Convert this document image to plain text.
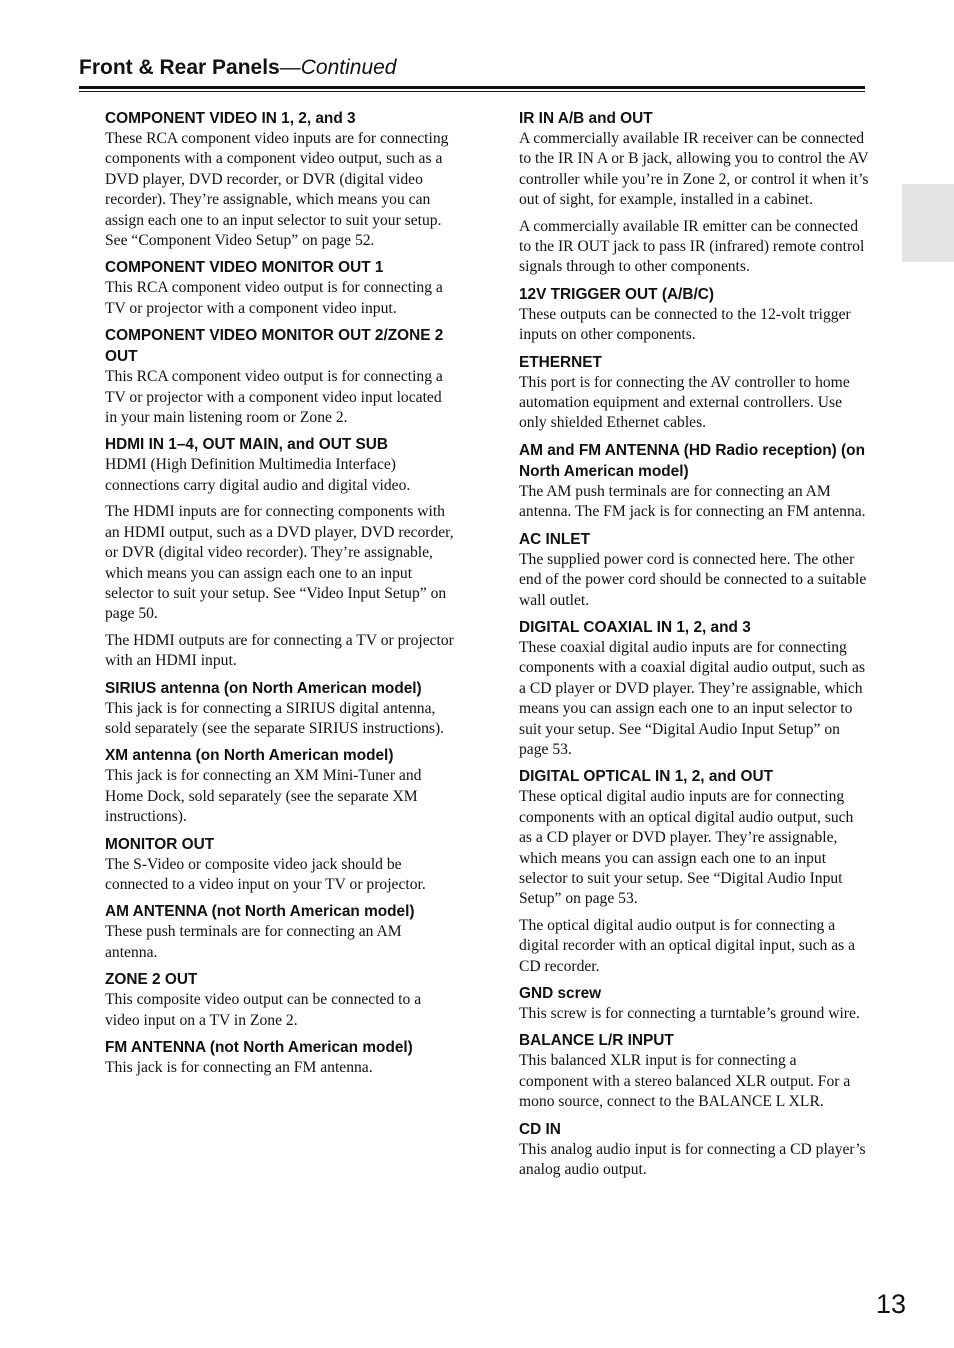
Front & Rear Panels—Continued
COMPONENT VIDEO IN 1, 2, and 3

These RCA component video inputs are for connecting components with a component video output, such as a DVD player, DVD recorder, or DVR (digital video recorder). They’re assignable, which means you can assign each one to an input selector to suit your setup. See “Component Video Setup” on page 52.

COMPONENT VIDEO MONITOR OUT 1

This RCA component video output is for connecting a TV or projector with a component video input.

COMPONENT VIDEO MONITOR OUT 2/ZONE 2 OUT

This RCA component video output is for connecting a TV or projector with a component video input located in your main listening room or Zone 2.

HDMI IN 1–4, OUT MAIN, and OUT SUB

HDMI (High Definition Multimedia Interface) connections carry digital audio and digital video.

The HDMI inputs are for connecting components with an HDMI output, such as a DVD player, DVD recorder, or DVR (digital video recorder). They’re assignable, which means you can assign each one to an input selector to suit your setup. See “Video Input Setup” on page 50.

The HDMI outputs are for connecting a TV or projector with an HDMI input.

SIRIUS antenna (on North American model)

This jack is for connecting a SIRIUS digital antenna, sold separately (see the separate SIRIUS instructions).

XM antenna (on North American model)

This jack is for connecting an XM Mini-Tuner and Home Dock, sold separately (see the separate XM instructions).

MONITOR OUT

The S-Video or composite video jack should be connected to a video input on your TV or projector.

AM ANTENNA (not North American model)

These push terminals are for connecting an AM antenna.

ZONE 2 OUT

This composite video output can be connected to a video input on a TV in Zone 2.

FM ANTENNA (not North American model)

This jack is for connecting an FM antenna.

IR IN A/B and OUT

A commercially available IR receiver can be connected to the IR IN A or B jack, allowing you to control the AV controller while you’re in Zone 2, or control it when it’s out of sight, for example, installed in a cabinet.

A commercially available IR emitter can be connected to the IR OUT jack to pass IR (infrared) remote control signals through to other components.

12V TRIGGER OUT (A/B/C)

These outputs can be connected to the 12-volt trigger inputs on other components.

ETHERNET

This port is for connecting the AV controller to home automation equipment and external controllers. Use only shielded Ethernet cables.

AM and FM ANTENNA (HD Radio reception) (on North American model)

The AM push terminals are for connecting an AM antenna. The FM jack is for connecting an FM antenna.

AC INLET

The supplied power cord is connected here. The other end of the power cord should be connected to a suitable wall outlet.

DIGITAL COAXIAL IN 1, 2, and 3

These coaxial digital audio inputs are for connecting components with a coaxial digital audio output, such as a CD player or DVD player. They’re assignable, which means you can assign each one to an input selector to suit your setup. See “Digital Audio Input Setup” on page 53.

DIGITAL OPTICAL IN 1, 2, and OUT

These optical digital audio inputs are for connecting components with an optical digital audio output, such as a CD player or DVD player. They’re assignable, which means you can assign each one to an input selector to suit your setup. See “Digital Audio Input Setup” on page 53.

The optical digital audio output is for connecting a digital recorder with an optical digital input, such as a CD recorder.

GND screw

This screw is for connecting a turntable’s ground wire.

BALANCE L/R INPUT

This balanced XLR input is for connecting a component with a stereo balanced XLR output. For a mono source, connect to the BALANCE L XLR.

CD IN

This analog audio input is for connecting a CD player’s analog audio output.

13
